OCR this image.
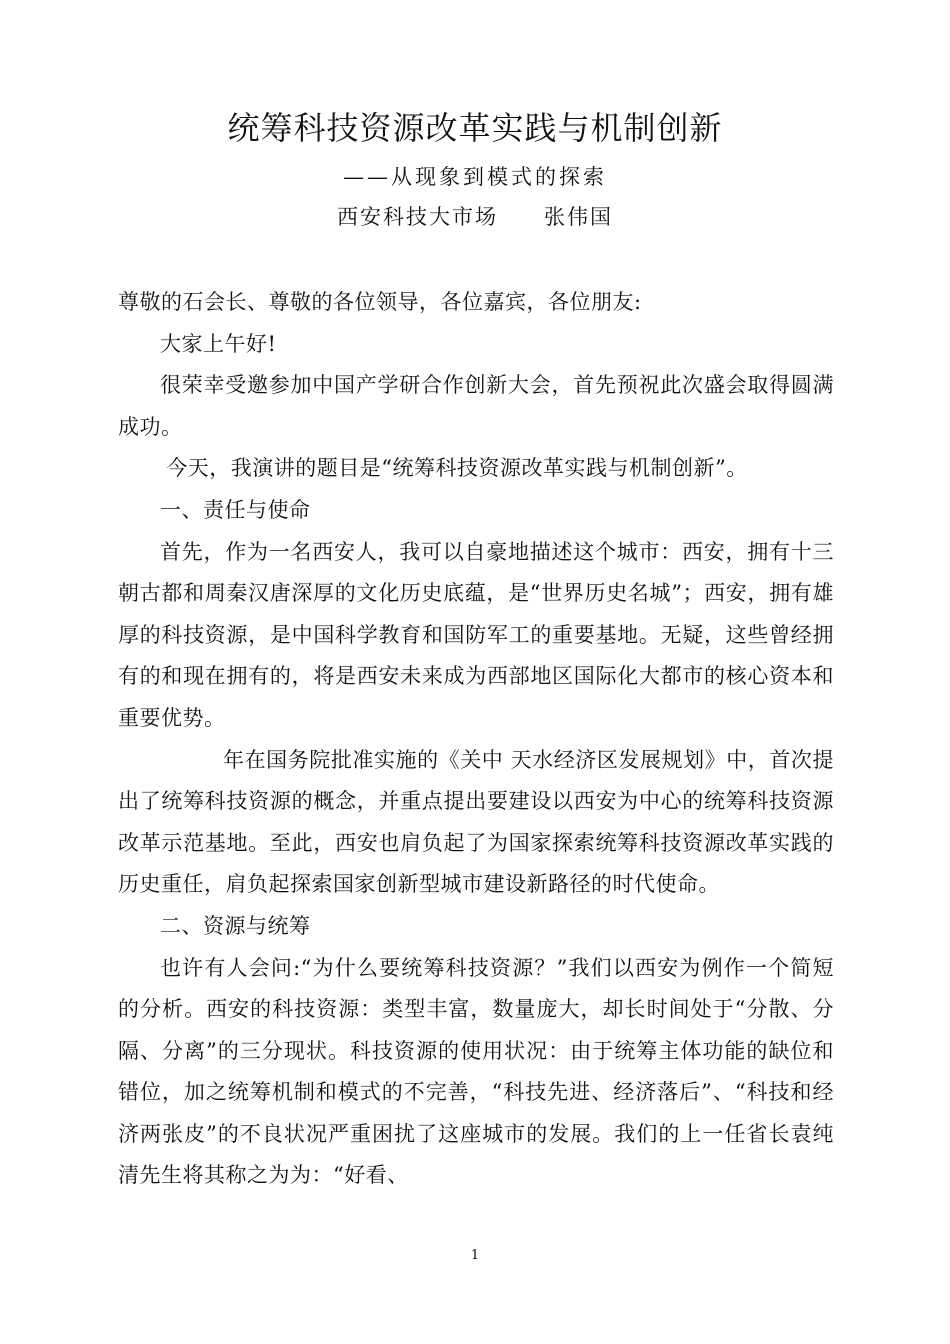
统筹科技资源改革实践与机制创新
——从现象到模式的探索
西安科技大市场 张伟国

尊敬的石会长、尊敬的各位领导，各位嘉宾，各位朋友:

大家上午好!

很荣幸受邀参加中国产学研合作创新大会，首先预祝此次盛会取得圆满成功。

今天，我演讲的题目是“统筹科技资源改革实践与机制创新”。

一、责任与使命

首先，作为一名西安人，我可以自豪地描述这个城市：西安，拥有十三朝古都和周秦汉唐深厚的文化历史底蕴，是“世界历史名城”；西安，拥有雄厚的科技资源，是中国科学教育和国防军工的重要基地。无疑，这些曾经拥有的和现在拥有的，将是西安未来成为西部地区国际化大都市的核心资本和重要优势。

年在国务院批准实施的《关中 天水经济区发展规划》中，首次提出了统筹科技资源的概念，并重点提出要建设以西安为中心的统筹科技资源改革示范基地。至此，西安也肩负起了为国家探索统筹科技资源改革实践的历史重任，肩负起探索国家创新型城市建设新路径的时代使命。

二、资源与统筹

也许有人会问:“为什么要统筹科技资源？”我们以西安为例作一个简短的分析。西安的科技资源：类型丰富，数量庞大，却长时间处于“分散、分隔、分离”的三分现状。科技资源的使用状况：由于统筹主体功能的缺位和错位，加之统筹机制和模式的不完善，“科技先进、经济落后”、“科技和经济两张皮”的不良状况严重困扰了这座城市的发展。我们的上一任省长袁纯清先生将其称之为为：“好看、

1
